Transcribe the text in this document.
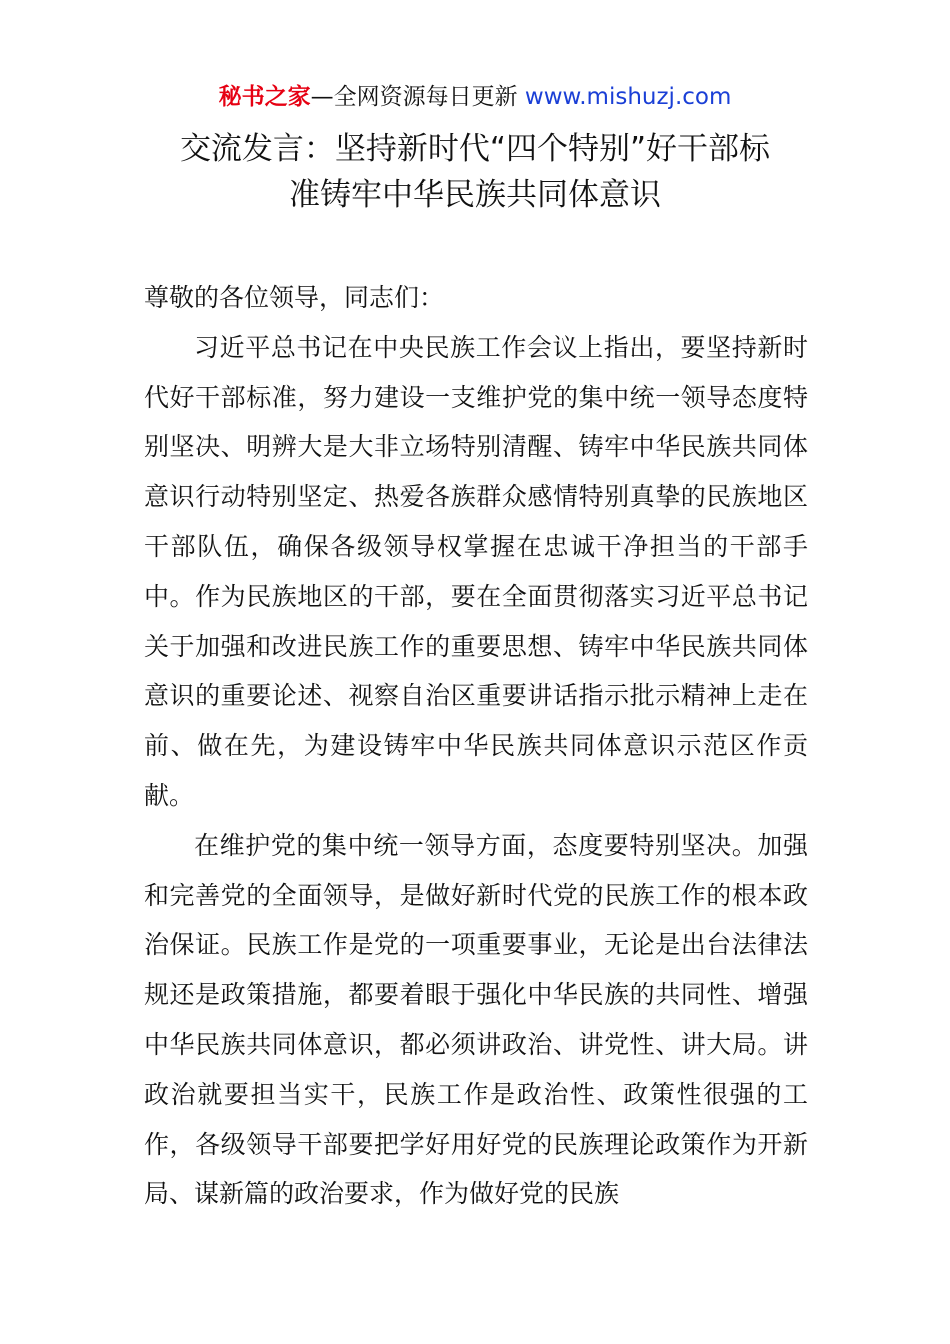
秘书之家—全网资源每日更新 www.mishuzj.com
交流发言：坚持新时代“四个特别”好干部标
准铸牢中华民族共同体意识

尊敬的各位领导，同志们：

习近平总书记在中央民族工作会议上指出，要坚持新时代好干部标准，努力建设一支维护党的集中统一领导态度特别坚决、明辨大是大非立场特别清醒、铸牢中华民族共同体意识行动特别坚定、热爱各族群众感情特别真挚的民族地区干部队伍，确保各级领导权掌握在忠诚干净担当的干部手中。作为民族地区的干部，要在全面贯彻落实习近平总书记关于加强和改进民族工作的重要思想、铸牢中华民族共同体意识的重要论述、视察自治区重要讲话指示批示精神上走在前、做在先，为建设铸牢中华民族共同体意识示范区作贡献。

在维护党的集中统一领导方面，态度要特别坚决。加强和完善党的全面领导，是做好新时代党的民族工作的根本政治保证。民族工作是党的一项重要事业，无论是出台法律法规还是政策措施，都要着眼于强化中华民族的共同性、增强中华民族共同体意识，都必须讲政治、讲党性、讲大局。讲政治就要担当实干，民族工作是政治性、政策性很强的工作，各级领导干部要把学好用好党的民族理论政策作为开新局、谋新篇的政治要求，作为做好党的民族
